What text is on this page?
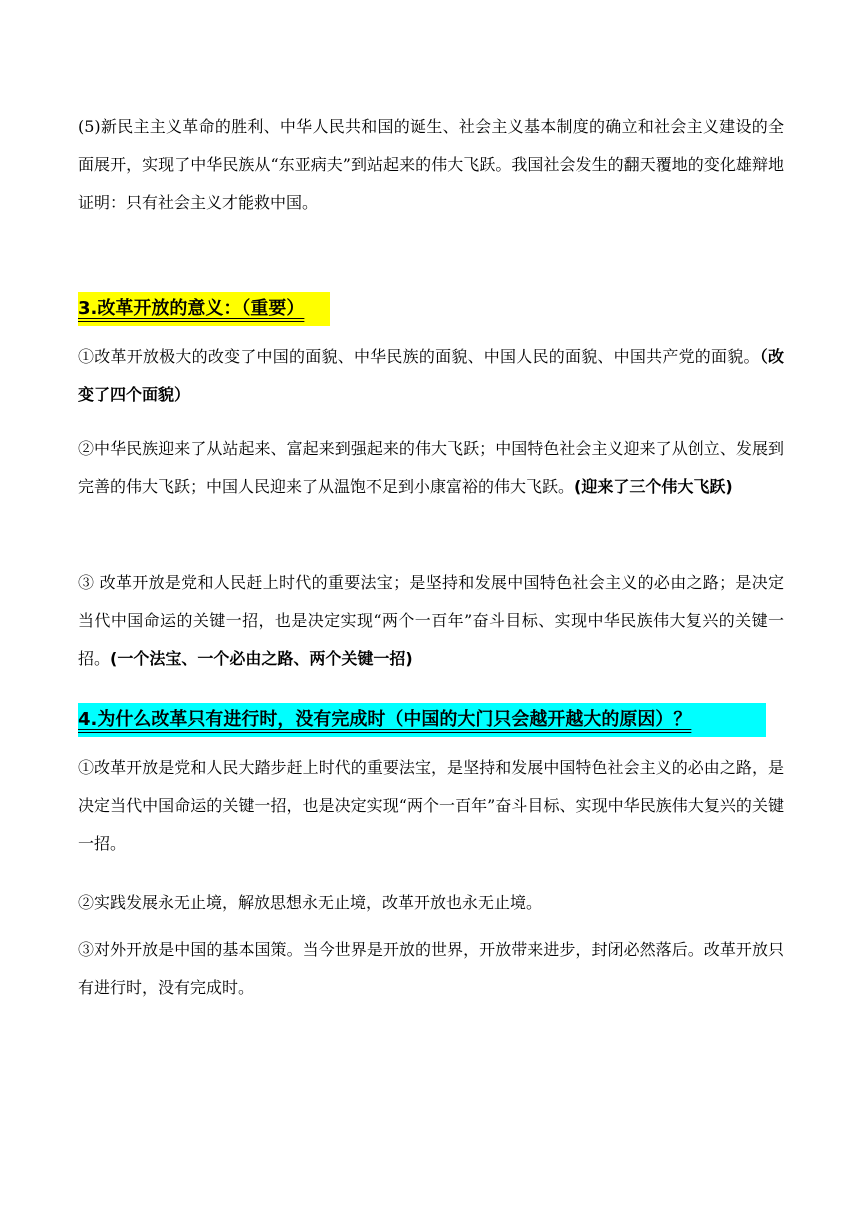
(5)新民主主义革命的胜利、中华人民共和国的诞生、社会主义基本制度的确立和社会主义建设的全面展开，实现了中华民族从“东亚病夫”到站起来的伟大飞跃。我国社会发生的翻天覆地的变化雄辩地证明：只有社会主义才能救中国。

3.改革开放的意义：（重要）

①改革开放极大的改变了中国的面貌、中华民族的面貌、中国人民的面貌、中国共产党的面貌。（改变了四个面貌）

②中华民族迎来了从站起来、富起来到强起来的伟大飞跃；中国特色社会主义迎来了从创立、发展到完善的伟大飞跃；中国人民迎来了从温饱不足到小康富裕的伟大飞跃。(迎来了三个伟大飞跃)

③ 改革开放是党和人民赶上时代的重要法宝；是坚持和发展中国特色社会主义的必由之路；是决定当代中国命运的关键一招，也是决定实现“两个一百年”奋斗目标、实现中华民族伟大复兴的关键一招。(一个法宝、一个必由之路、两个关键一招)

4.为什么改革只有进行时，没有完成时（中国的大门只会越开越大的原因）？

①改革开放是党和人民大踏步赶上时代的重要法宝，是坚持和发展中国特色社会主义的必由之路，是决定当代中国命运的关键一招，也是决定实现“两个一百年”奋斗目标、实现中华民族伟大复兴的关键一招。

②实践发展永无止境，解放思想永无止境，改革开放也永无止境。

③对外开放是中国的基本国策。当今世界是开放的世界，开放带来进步，封闭必然落后。改革开放只有进行时，没有完成时。
